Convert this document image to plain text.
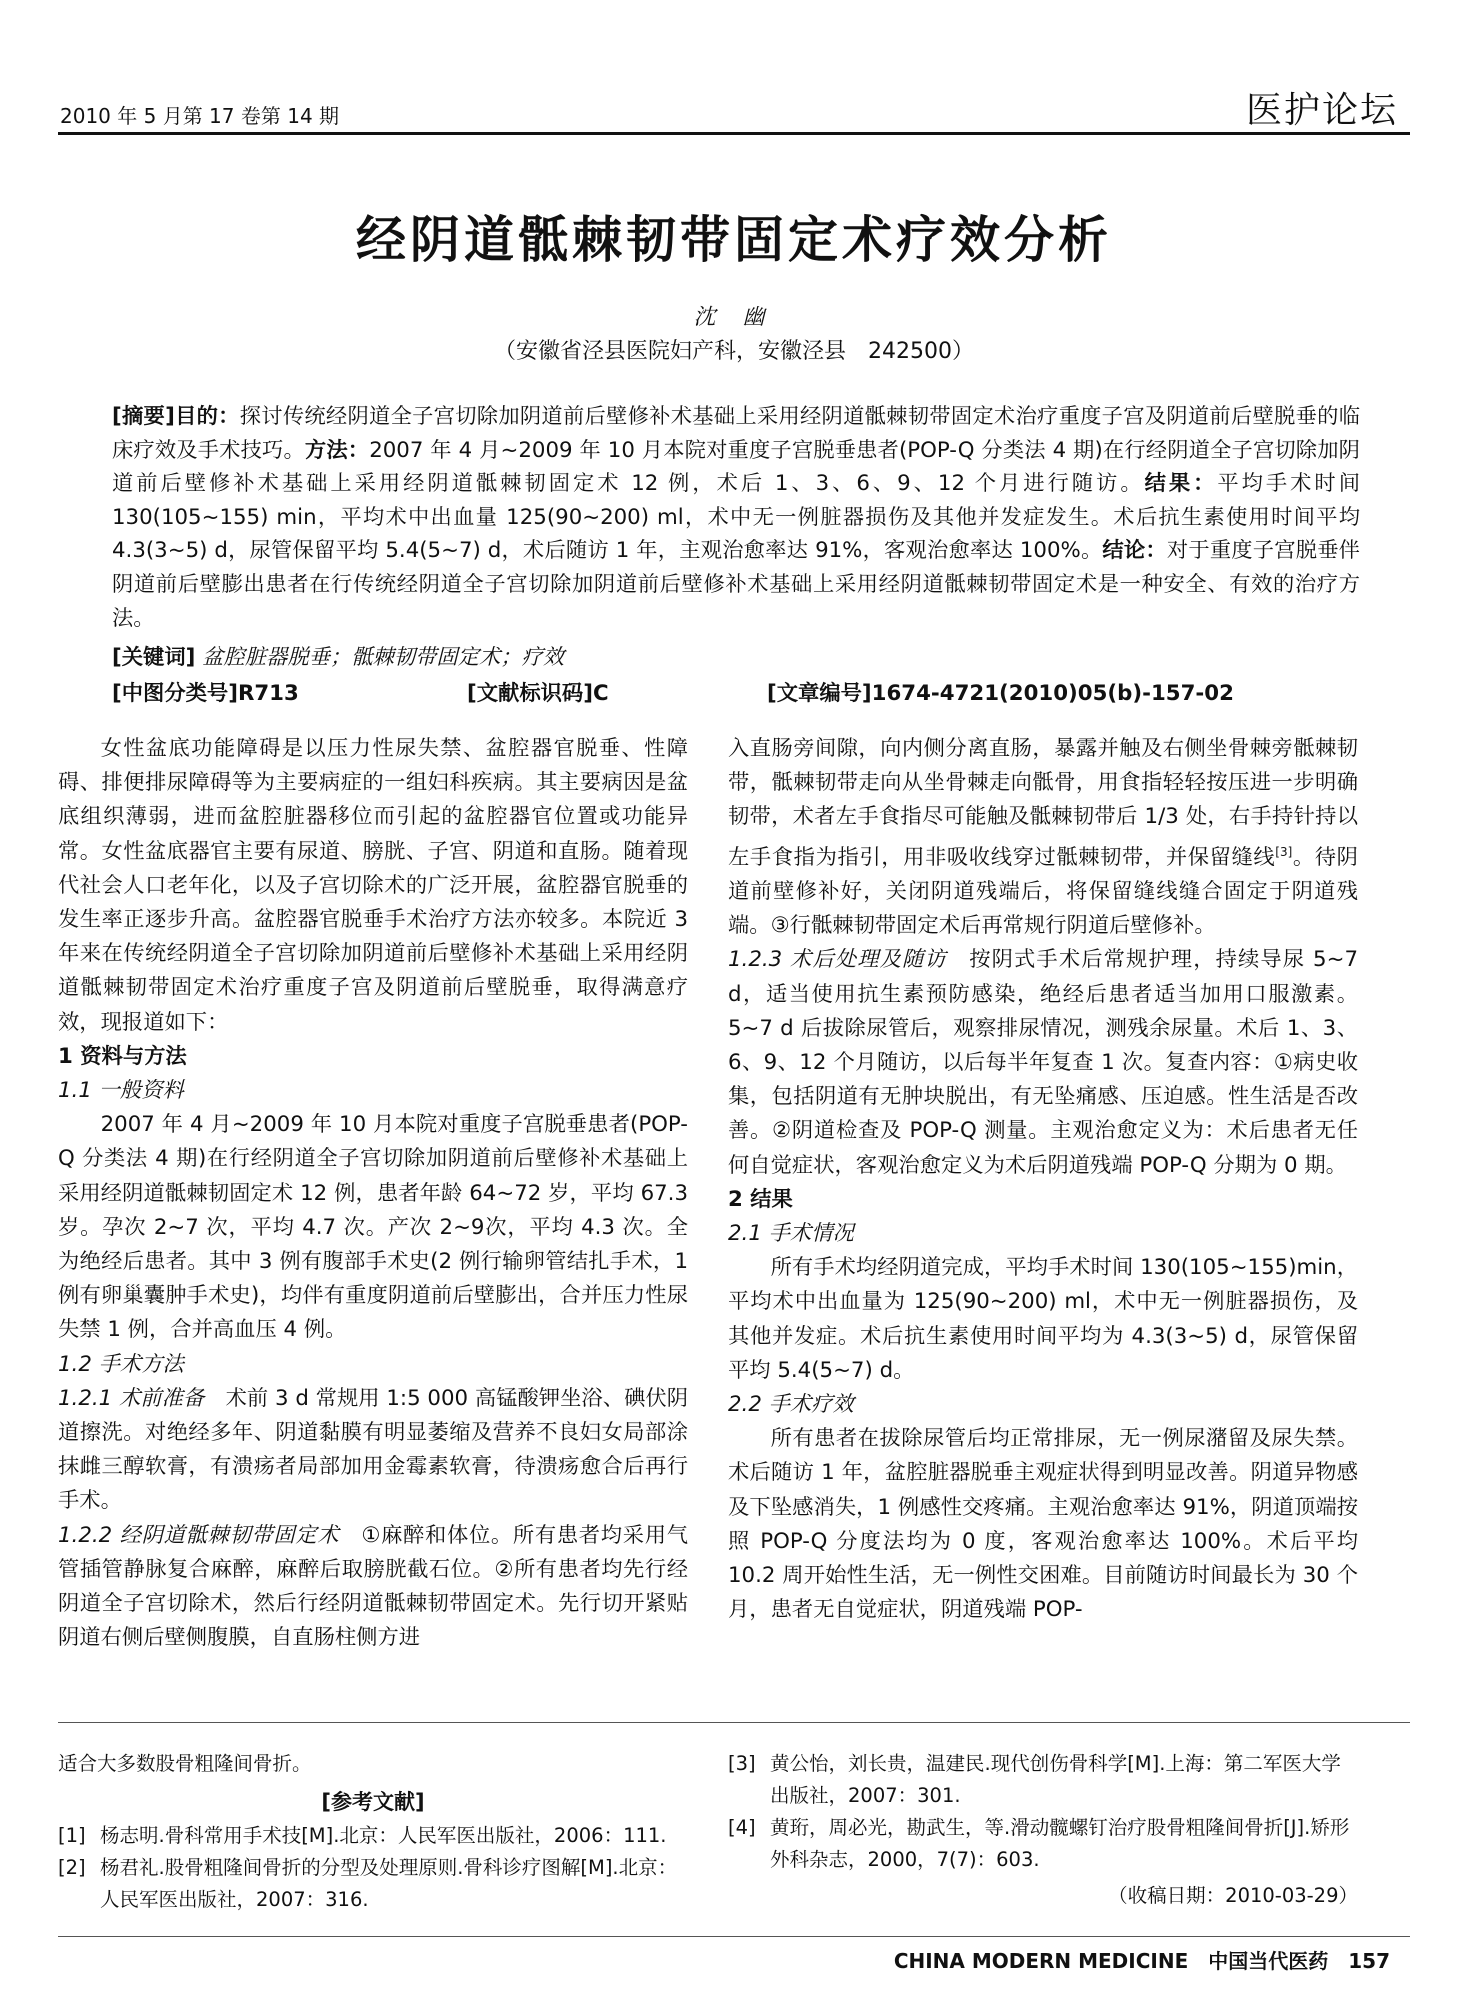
2010 年 5 月第 17 卷第 14 期	医护论坛
经阴道骶棘韧带固定术疗效分析
沈 幽
（安徽省泾县医院妇产科，安徽泾县　242500）

[摘要]目的：探讨传统经阴道全子宫切除加阴道前后壁修补术基础上采用经阴道骶棘韧带固定术治疗重度子宫及阴道前后壁脱垂的临床疗效及手术技巧。方法：2007 年 4 月~2009 年 10 月本院对重度子宫脱垂患者(POP-Q 分类法 4 期)在行经阴道全子宫切除加阴道前后壁修补术基础上采用经阴道骶棘韧固定术 12 例，术后 1、3、6、9、12 个月进行随访。结果：平均手术时间 130(105~155) min，平均术中出血量 125(90~200) ml，术中无一例脏器损伤及其他并发症发生。术后抗生素使用时间平均 4.3(3~5) d，尿管保留平均 5.4(5~7) d，术后随访 1 年，主观治愈率达 91%，客观治愈率达 100%。结论：对于重度子宫脱垂伴阴道前后壁膨出患者在行传统经阴道全子宫切除加阴道前后壁修补术基础上采用经阴道骶棘韧带固定术是一种安全、有效的治疗方法。

[关键词] 盆腔脏器脱垂；骶棘韧带固定术；疗效

[中图分类号]R713	[文献标识码]C	[文章编号]1674-4721(2010)05(b)-157-02

女性盆底功能障碍是以压力性尿失禁、盆腔器官脱垂、性障碍、排便排尿障碍等为主要病症的一组妇科疾病。其主要病因是盆底组织薄弱，进而盆腔脏器移位而引起的盆腔器官位置或功能异常。女性盆底器官主要有尿道、膀胱、子宫、阴道和直肠。随着现代社会人口老年化，以及子宫切除术的广泛开展，盆腔器官脱垂的发生率正逐步升高。盆腔器官脱垂手术治疗方法亦较多。本院近 3 年来在传统经阴道全子宫切除加阴道前后壁修补术基础上采用经阴道骶棘韧带固定术治疗重度子宫及阴道前后壁脱垂，取得满意疗效，现报道如下：

1 资料与方法

1.1 一般资料

2007 年 4 月~2009 年 10 月本院对重度子宫脱垂患者(POP-Q 分类法 4 期)在行经阴道全子宫切除加阴道前后壁修补术基础上采用经阴道骶棘韧固定术 12 例，患者年龄 64~72 岁，平均 67.3 岁。孕次 2~7 次，平均 4.7 次。产次 2~9次，平均 4.3 次。全为绝经后患者。其中 3 例有腹部手术史(2 例行输卵管结扎手术，1 例有卵巢囊肿手术史)，均伴有重度阴道前后壁膨出，合并压力性尿失禁 1 例，合并高血压 4 例。

1.2 手术方法

1.2.1 术前准备　术前 3 d 常规用 1:5 000 高锰酸钾坐浴、碘伏阴道擦洗。对绝经多年、阴道黏膜有明显萎缩及营养不良妇女局部涂抹雌三醇软膏，有溃疡者局部加用金霉素软膏，待溃疡愈合后再行手术。

1.2.2 经阴道骶棘韧带固定术　①麻醉和体位。所有患者均采用气管插管静脉复合麻醉，麻醉后取膀胱截石位。②所有患者均先行经阴道全子宫切除术，然后行经阴道骶棘韧带固定术。先行切开紧贴阴道右侧后壁侧腹膜，自直肠柱侧方进

入直肠旁间隙，向内侧分离直肠，暴露并触及右侧坐骨棘旁骶棘韧带，骶棘韧带走向从坐骨棘走向骶骨，用食指轻轻按压进一步明确韧带，术者左手食指尽可能触及骶棘韧带后 1/3 处，右手持针持以左手食指为指引，用非吸收线穿过骶棘韧带，并保留缝线[3]。待阴道前壁修补好，关闭阴道残端后，将保留缝线缝合固定于阴道残端。③行骶棘韧带固定术后再常规行阴道后壁修补。

1.2.3 术后处理及随访　按阴式手术后常规护理，持续导尿 5~7 d，适当使用抗生素预防感染，绝经后患者适当加用口服激素。5~7 d 后拔除尿管后，观察排尿情况，测残余尿量。术后 1、3、6、9、12 个月随访，以后每半年复查 1 次。复查内容：①病史收集，包括阴道有无肿块脱出，有无坠痛感、压迫感。性生活是否改善。②阴道检查及 POP-Q 测量。主观治愈定义为：术后患者无任何自觉症状，客观治愈定义为术后阴道残端 POP-Q 分期为 0 期。

2 结果

2.1 手术情况

所有手术均经阴道完成，平均手术时间 130(105~155)min，平均术中出血量为 125(90~200) ml，术中无一例脏器损伤，及其他并发症。术后抗生素使用时间平均为 4.3(3~5) d，尿管保留平均 5.4(5~7) d。

2.2 手术疗效

所有患者在拔除尿管后均正常排尿，无一例尿潴留及尿失禁。术后随访 1 年，盆腔脏器脱垂主观症状得到明显改善。阴道异物感及下坠感消失，1 例感性交疼痛。主观治愈率达 91%，阴道顶端按照 POP-Q 分度法均为 0 度，客观治愈率达 100%。术后平均 10.2 周开始性生活，无一例性交困难。目前随访时间最长为 30 个月，患者无自觉症状，阴道残端 POP-

适合大多数股骨粗隆间骨折。
[参考文献]
[1] 杨志明.骨科常用手术技[M].北京：人民军医出版社，2006：111.
[2] 杨君礼.股骨粗隆间骨折的分型及处理原则.骨科诊疗图解[M].北京：人民军医出版社，2007：316.
[3] 黄公怡，刘长贵，温建民.现代创伤骨科学[M].上海：第二军医大学出版社，2007：301.
[4] 黄珩，周必光，勘武生，等.滑动髋螺钉治疗股骨粗隆间骨折[J].矫形外科杂志，2000，7(7)：603.
（收稿日期：2010-03-29）
CHINA MODERN MEDICINE　中国当代医药　157
